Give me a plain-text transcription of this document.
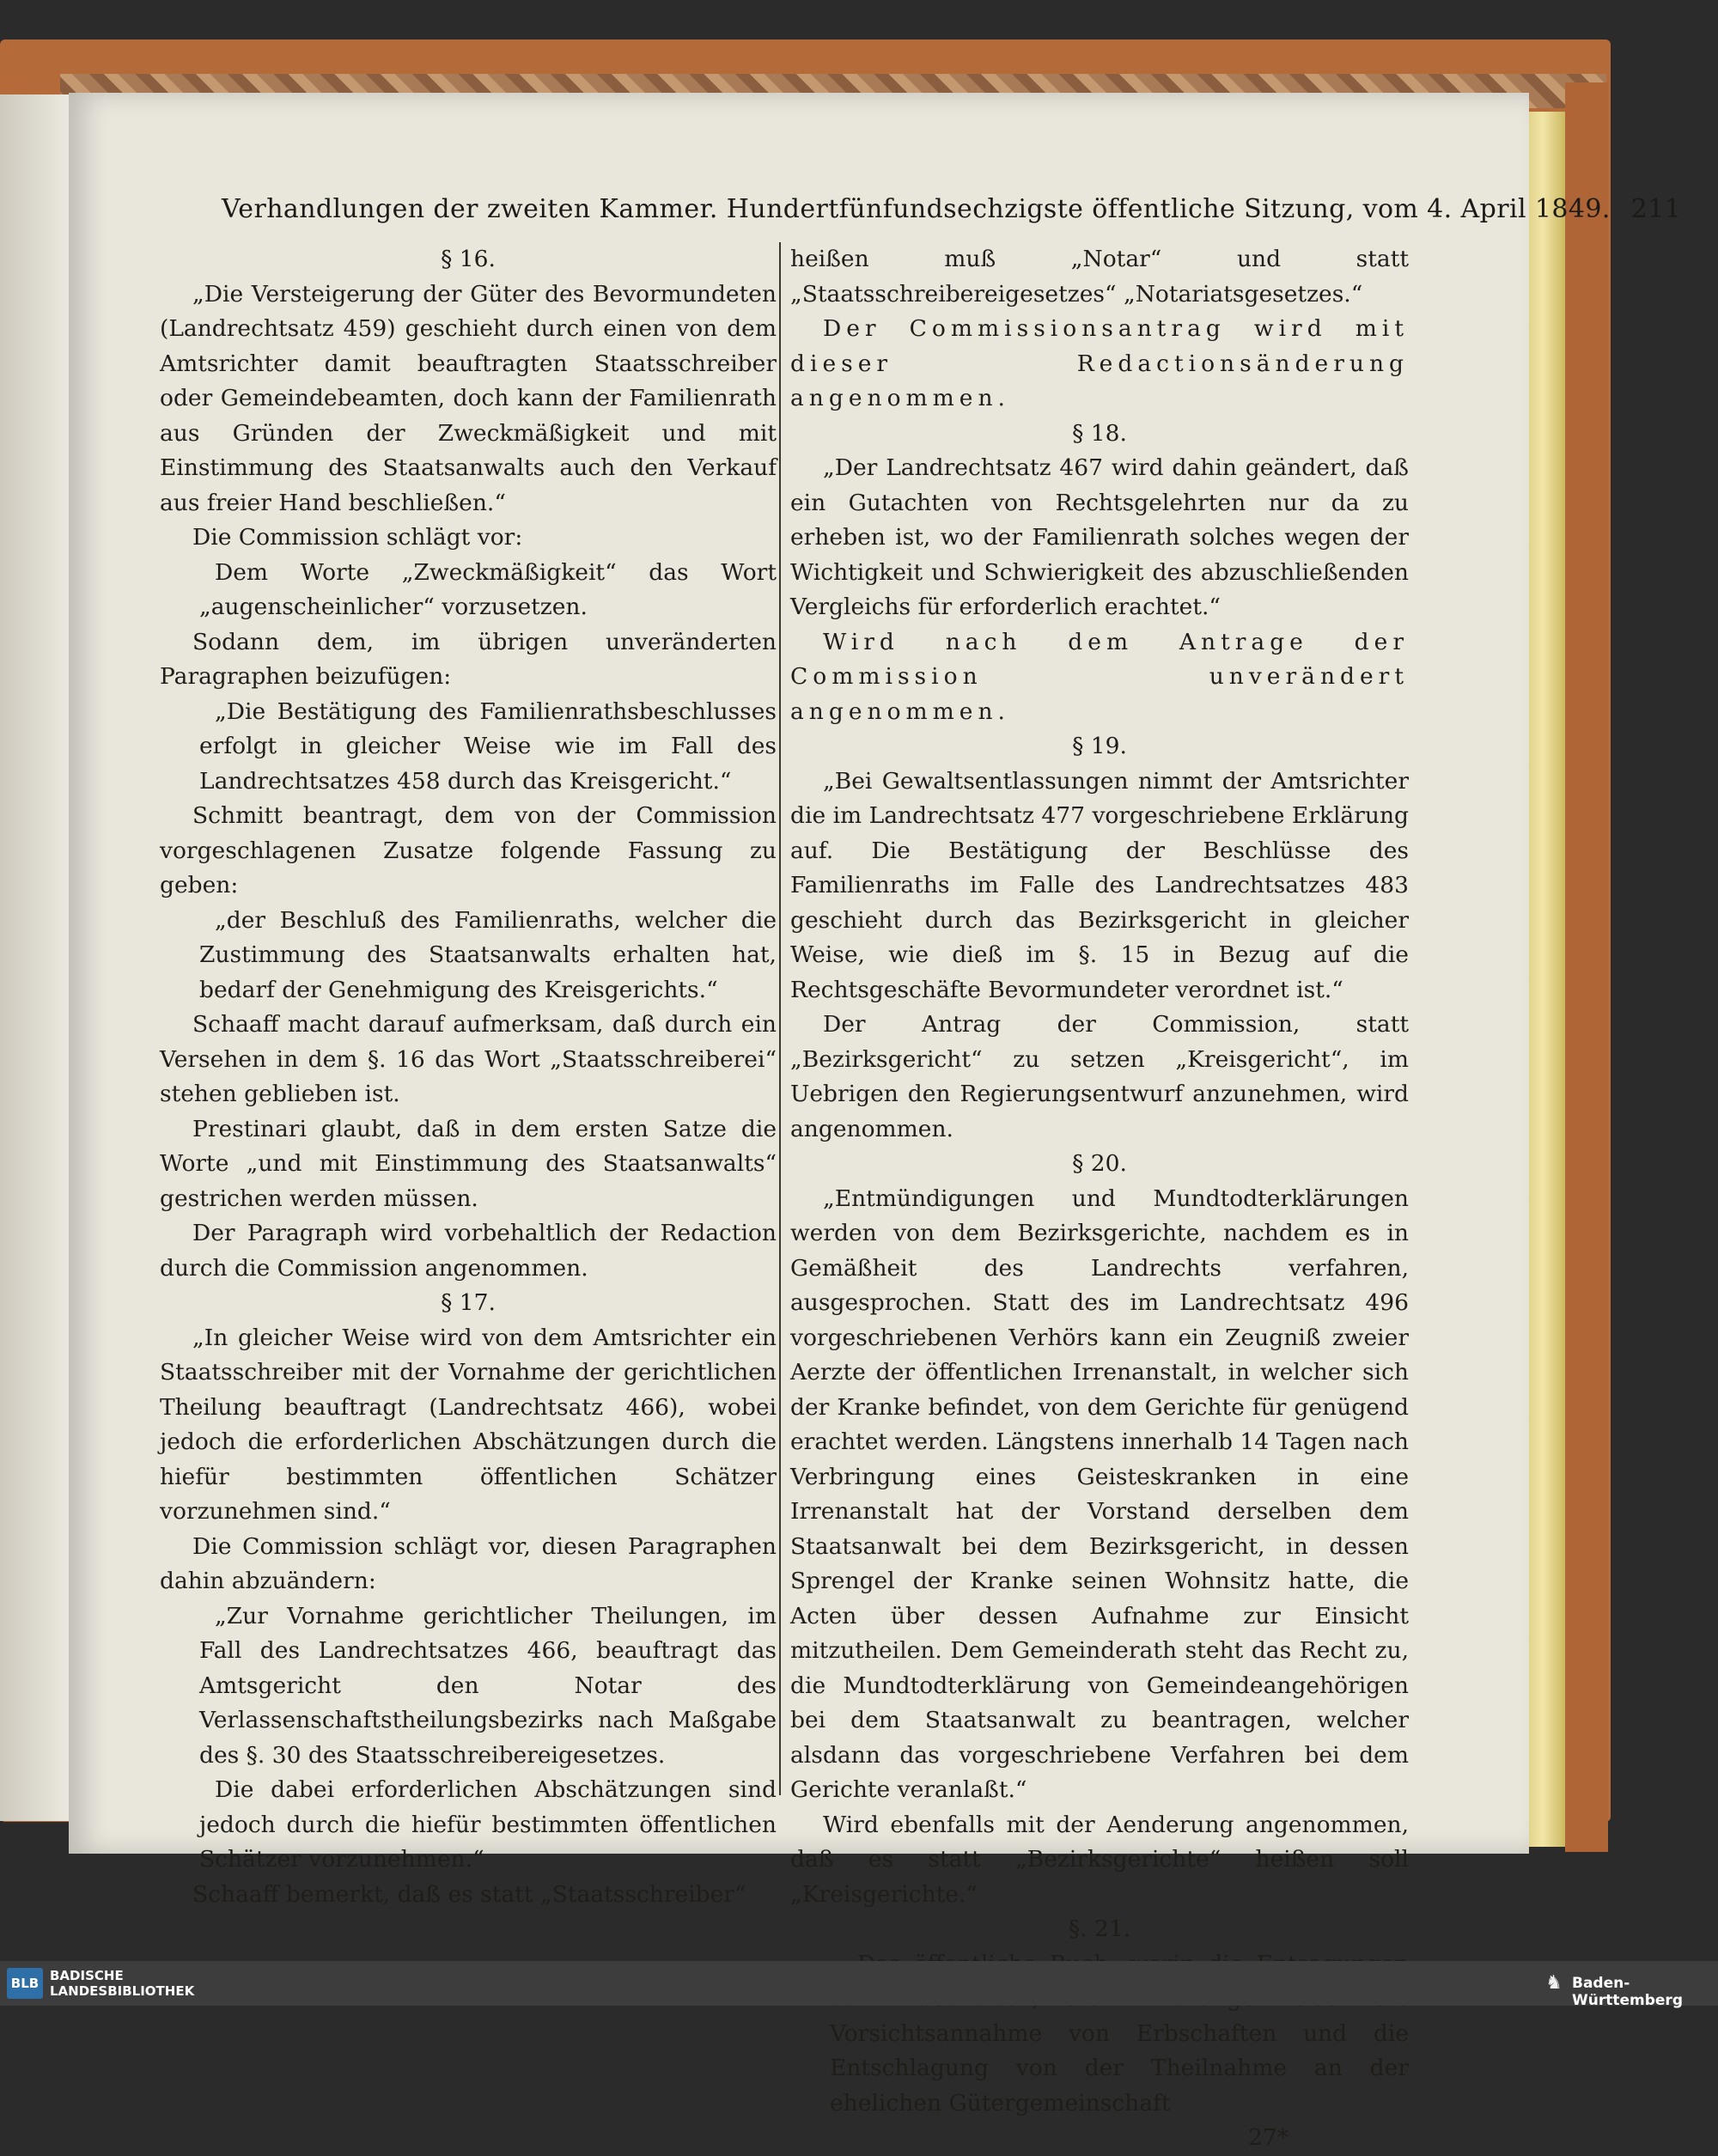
Verhandlungen der zweiten Kammer. Hundertfünfundsechzigste öffentliche Sitzung, vom 4. April 1849. 211

§ 16.

„Die Versteigerung der Güter des Bevormundeten (Landrechtsatz 459) geschieht durch einen von dem Amtsrichter damit beauftragten Staatsschreiber oder Gemeindebeamten, doch kann der Familienrath aus Gründen der Zweckmäßigkeit und mit Einstimmung des Staatsanwalts auch den Verkauf aus freier Hand beschließen.“

Die Commission schlägt vor:

Dem Worte „Zweckmäßigkeit“ das Wort „augenscheinlicher“ vorzusetzen.

Sodann dem, im übrigen unveränderten Paragraphen beizufügen:

„Die Bestätigung des Familienrathsbeschlusses erfolgt in gleicher Weise wie im Fall des Landrechtsatzes 458 durch das Kreisgericht.“

Schmitt beantragt, dem von der Commission vorgeschlagenen Zusatze folgende Fassung zu geben:

„der Beschluß des Familienraths, welcher die Zustimmung des Staatsanwalts erhalten hat, bedarf der Genehmigung des Kreisgerichts.“

Schaaff macht darauf aufmerksam, daß durch ein Versehen in dem §. 16 das Wort „Staatsschreiberei“ stehen geblieben ist.

Prestinari glaubt, daß in dem ersten Satze die Worte „und mit Einstimmung des Staatsanwalts“ gestrichen werden müssen.

Der Paragraph wird vorbehaltlich der Redaction durch die Commission angenommen.

§ 17.

„In gleicher Weise wird von dem Amtsrichter ein Staatsschreiber mit der Vornahme der gerichtlichen Theilung beauftragt (Landrechtsatz 466), wobei jedoch die erforderlichen Abschätzungen durch die hiefür bestimmten öffentlichen Schätzer vorzunehmen sind.“

Die Commission schlägt vor, diesen Paragraphen dahin abzuändern:

„Zur Vornahme gerichtlicher Theilungen, im Fall des Landrechtsatzes 466, beauftragt das Amtsgericht den Notar des Verlassenschaftstheilungsbezirks nach Maßgabe des §. 30 des Staatsschreibereigesetzes.

Die dabei erforderlichen Abschätzungen sind jedoch durch die hiefür bestimmten öffentlichen Schätzer vorzunehmen.“

Schaaff bemerkt, daß es statt „Staatsschreiber“

heißen muß „Notar“ und statt „Staatsschreibereigesetzes“ „Notariatsgesetzes.“

Der Commissionsantrag wird mit dieser Redactionsänderung angenommen.

§ 18.

„Der Landrechtsatz 467 wird dahin geändert, daß ein Gutachten von Rechtsgelehrten nur da zu erheben ist, wo der Familienrath solches wegen der Wichtigkeit und Schwierigkeit des abzuschließenden Vergleichs für erforderlich erachtet.“

Wird nach dem Antrage der Commission unverändert angenommen.

§ 19.

„Bei Gewaltsentlassungen nimmt der Amtsrichter die im Landrechtsatz 477 vorgeschriebene Erklärung auf. Die Bestätigung der Beschlüsse des Familienraths im Falle des Landrechtsatzes 483 geschieht durch das Bezirksgericht in gleicher Weise, wie dieß im §. 15 in Bezug auf die Rechtsgeschäfte Bevormundeter verordnet ist.“

Der Antrag der Commission, statt „Bezirksgericht“ zu setzen „Kreisgericht“, im Uebrigen den Regierungsentwurf anzunehmen, wird angenommen.

§ 20.

„Entmündigungen und Mundtodterklärungen werden von dem Bezirksgerichte, nachdem es in Gemäßheit des Landrechts verfahren, ausgesprochen. Statt des im Landrechtsatz 496 vorgeschriebenen Verhörs kann ein Zeugniß zweier Aerzte der öffentlichen Irrenanstalt, in welcher sich der Kranke befindet, von dem Gerichte für genügend erachtet werden. Längstens innerhalb 14 Tagen nach Verbringung eines Geisteskranken in eine Irrenanstalt hat der Vorstand derselben dem Staatsanwalt bei dem Bezirksgericht, in dessen Sprengel der Kranke seinen Wohnsitz hatte, die Acten über dessen Aufnahme zur Einsicht mitzutheilen. Dem Gemeinderath steht das Recht zu, die Mundtodterklärung von Gemeindeangehörigen bei dem Staatsanwalt zu beantragen, welcher alsdann das vorgeschriebene Verfahren bei dem Gerichte veranlaßt.“

Wird ebenfalls mit der Aenderung angenommen, daß es statt „Bezirksgerichte“ heißen soll „Kreisgerichte.“

§. 21.

Vorsichtsannahme von Erbschaften und die Entschlagung von der Theilnahme an der ehelichen Gütergemeinschaft

27*

BLB BADISCHE
LANDESBIBLIOTHEK	♞ Baden-Württemberg
